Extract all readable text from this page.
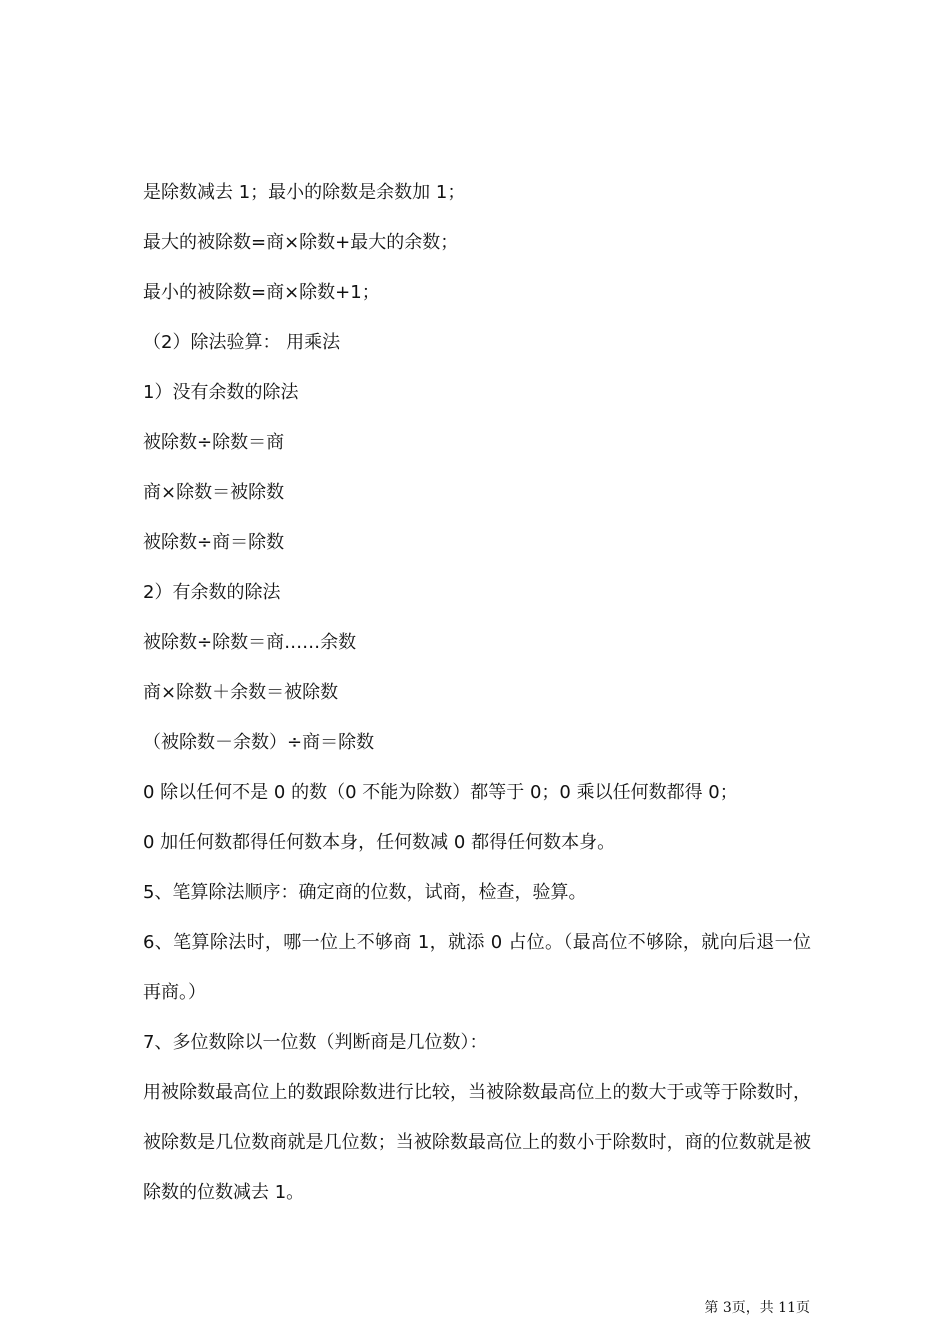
是除数减去 1；最小的除数是余数加 1；

最大的被除数=商×除数+最大的余数；

最小的被除数=商×除数+1；

（2）除法验算： 用乘法

1）没有余数的除法

被除数÷除数＝商

商×除数＝被除数

被除数÷商＝除数

2）有余数的除法

被除数÷除数＝商……余数

商×除数＋余数＝被除数

（被除数－余数）÷商＝除数

0 除以任何不是 0 的数（0 不能为除数）都等于 0；0 乘以任何数都得 0；

0 加任何数都得任何数本身，任何数减 0 都得任何数本身。

5、笔算除法顺序：确定商的位数，试商，检查，验算。

6、笔算除法时，哪一位上不够商 1，就添 0 占位。（最高位不够除，就向后退一位再商。）

7、多位数除以一位数（判断商是几位数）：

用被除数最高位上的数跟除数进行比较，当被除数最高位上的数大于或等于除数时，被除数是几位数商就是几位数；当被除数最高位上的数小于除数时，商的位数就是被除数的位数减去 1。

第 3页，共 11页
